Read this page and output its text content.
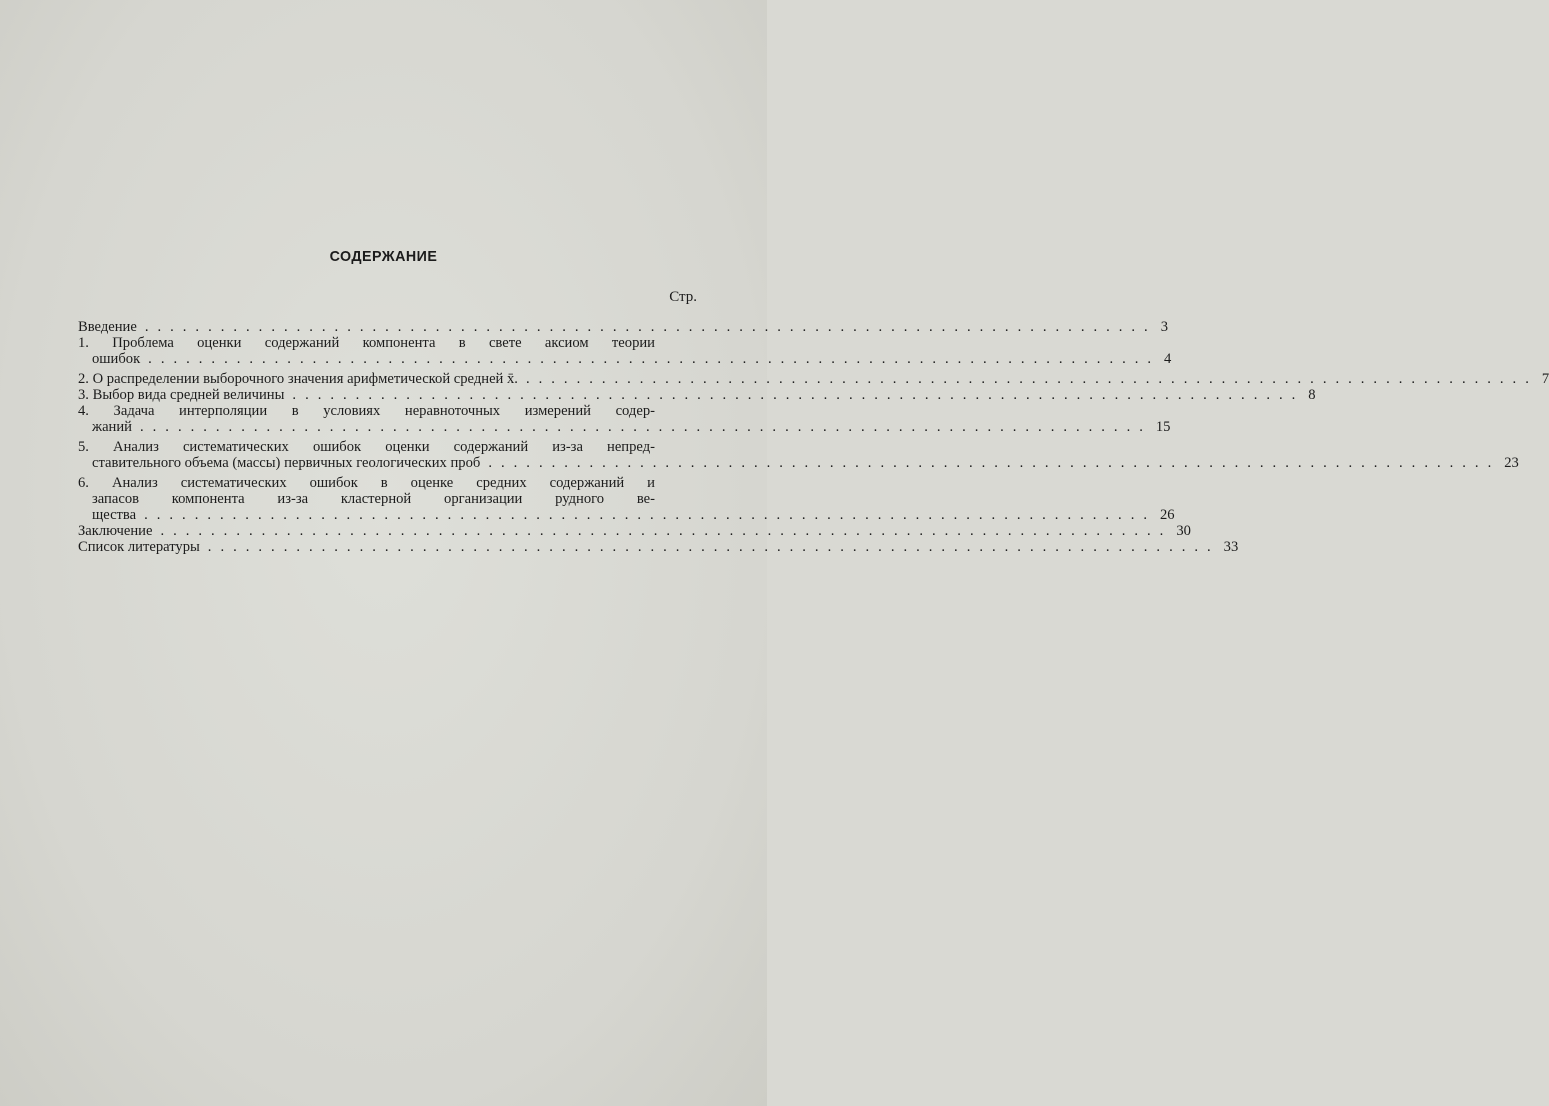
СОДЕРЖАНИЕ
Стр.
Введение ................................................................................ 3
1. Проблема оценки содержаний компонента в свете аксиом теории
ошибок ................................................................................ 4
2. О распределении выборочного значения арифметической средней x̄. ................................................................................ 7
3. Выбор вида средней величины ................................................................................ 8
4. Задача интерполяции в условиях неравноточных измерений содер-
жаний ................................................................................ 15
5. Анализ систематических ошибок оценки содержаний из-за непред-
ставительного объема (массы) первичных геологических проб ................................................................................ 23
6. Анализ систематических ошибок в оценке средних содержаний и
запасов компонента из-за кластерной организации рудного ве-
щества ................................................................................ 26
Заключение ................................................................................ 30
Список литературы ................................................................................ 33
